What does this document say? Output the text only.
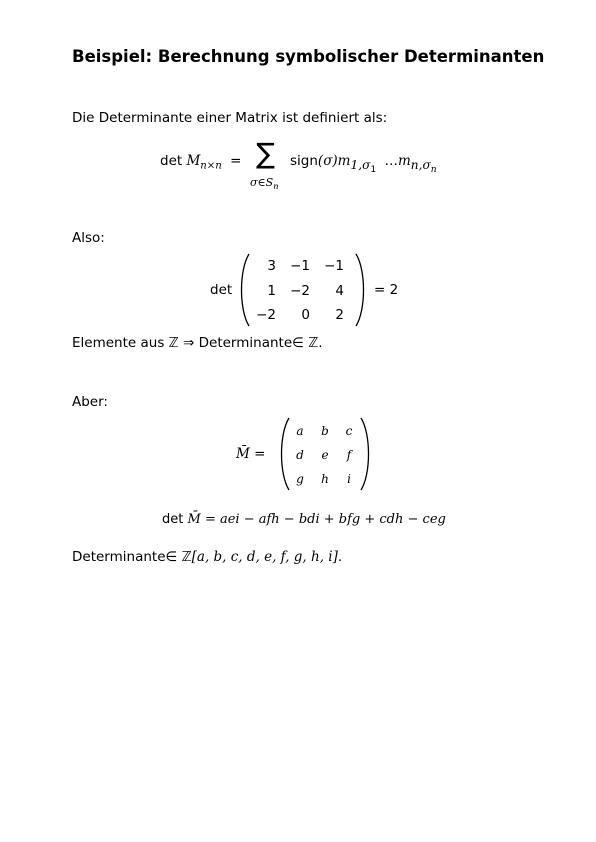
Beispiel: Berechnung symbolischer Determinanten
Die Determinante einer Matrix ist definiert als:
$\det M_{n\times n}$ = ∑
$\sigma\in S_n$
$sign(\sigma)m_{1,\sigma_1}$ $\dots m_{n,\sigma_n}$
Also:
det
3	−1	−1
1	−2	4
−2	0	2
= 2
Elemente aus ℤ ⇒ Determinante∈ ℤ.
Aber:
M̄ =
a	b	c
d	e	f
g	h	i
det M̄ = aei − afh − bdi + bfg + cdh − ceg
Determinante∈ ℤ[a, b, c, d, e, f, g, h, i].
